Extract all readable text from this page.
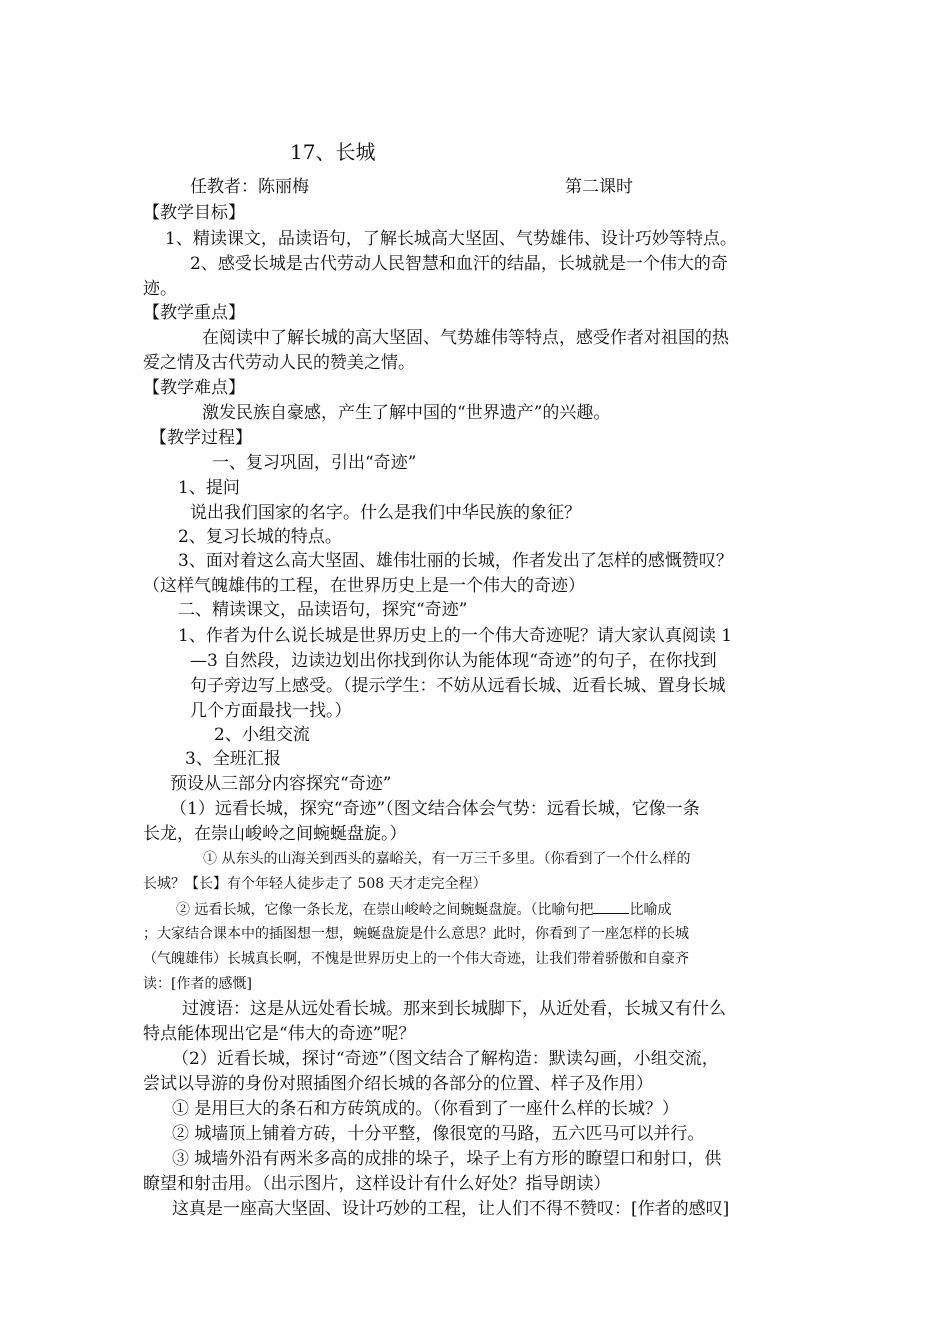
17、长城
任教者：陈丽梅	第二课时
【教学目标】
1、精读课文，品读语句，了解长城高大坚固、气势雄伟、设计巧妙等特点。
2、感受长城是古代劳动人民智慧和血汗的结晶，长城就是一个伟大的奇
迹。
【教学重点】
在阅读中了解长城的高大坚固、气势雄伟等特点，感受作者对祖国的热
爱之情及古代劳动人民的赞美之情。
【教学难点】
激发民族自豪感，产生了解中国的“世界遗产”的兴趣。
【教学过程】
一、复习巩固，引出“奇迹”
1、提问
说出我们国家的名字。什么是我们中华民族的象征？
2、复习长城的特点。
3、面对着这么高大坚固、雄伟壮丽的长城，作者发出了怎样的感慨赞叹？
（这样气魄雄伟的工程，在世界历史上是一个伟大的奇迹）
二、精读课文，品读语句，探究“奇迹”
1、作者为什么说长城是世界历史上的一个伟大奇迹呢？请大家认真阅读 1
—3 自然段，边读边划出你找到你认为能体现“奇迹”的句子，在你找到
句子旁边写上感受。（提示学生：不妨从远看长城、近看长城、置身长城
几个方面最找一找。）
2、小组交流
3、全班汇报
预设从三部分内容探究“奇迹”
（1）远看长城，探究“奇迹”（图文结合体会气势：远看长城，它像一条
长龙，在崇山峻岭之间蜿蜒盘旋。）
① 从东头的山海关到西头的嘉峪关，有一万三千多里。（你看到了一个什么样的
长城？【长】有个年轻人徒步走了 508 天才走完全程）
② 远看长城，它像一条长龙，在崇山峻岭之间蜿蜒盘旋。（比喻句把	比喻成
；大家结合课本中的插图想一想，蜿蜒盘旋是什么意思？此时，你看到了一座怎样的长城
（气魄雄伟）长城真长啊，不愧是世界历史上的一个伟大奇迹，让我们带着骄傲和自豪齐
读：[作者的感慨]
过渡语：这是从远处看长城。那来到长城脚下，从近处看，长城又有什么
特点能体现出它是“伟大的奇迹”呢？
（2）近看长城，探讨“奇迹”（图文结合了解构造：默读勾画，小组交流，
尝试以导游的身份对照插图介绍长城的各部分的位置、样子及作用）
① 是用巨大的条石和方砖筑成的。（你看到了一座什么样的长城？）
② 城墙顶上铺着方砖，十分平整，像很宽的马路，五六匹马可以并行。
③ 城墙外沿有两米多高的成排的垛子，垛子上有方形的瞭望口和射口，供
瞭望和射击用。（出示图片，这样设计有什么好处？指导朗读）
这真是一座高大坚固、设计巧妙的工程，让人们不得不赞叹：[作者的感叹]
